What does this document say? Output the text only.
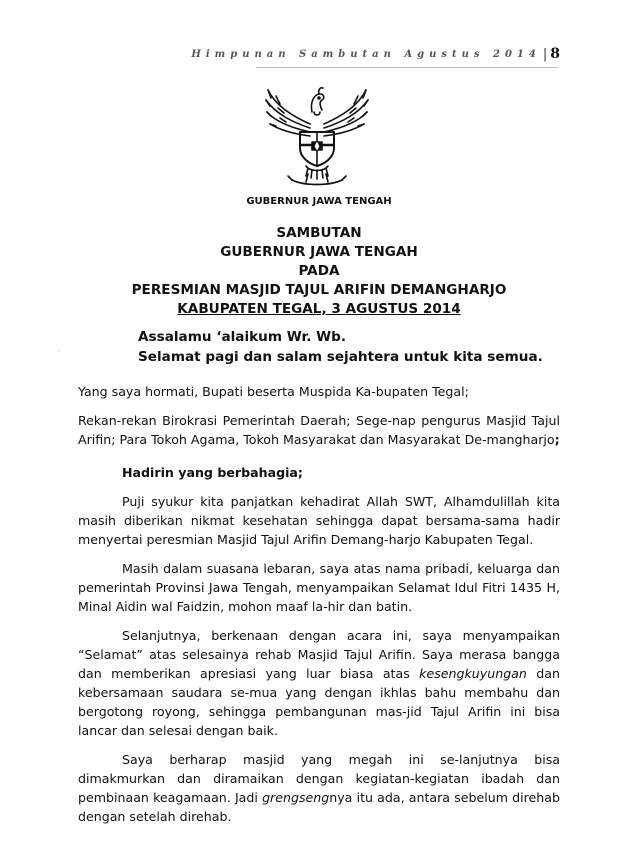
Himpunan Sambutan Agustus 2014 | 8
GUBERNUR JAWA TENGAH
SAMBUTAN
GUBERNUR JAWA TENGAH
PADA
PERESMIAN MASJID TAJUL ARIFIN DEMANGHARJO
KABUPATEN TEGAL, 3 AGUSTUS 2014
.
Assalamu ‘alaikum Wr. Wb.
Selamat pagi dan salam sejahtera untuk kita semua.

Yang saya hormati, Bupati beserta Muspida Ka-bupaten Tegal;

Rekan-rekan Birokrasi Pemerintah Daerah; Sege-nap pengurus Masjid Tajul Arifin; Para Tokoh Agama, Tokoh Masyarakat dan Masyarakat De-mangharjo;

Hadirin yang berbahagia;

Puji syukur kita panjatkan kehadirat Allah SWT, Alhamdulillah kita masih diberikan nikmat kesehatan sehingga dapat bersama-sama hadir menyertai peresmian Masjid Tajul Arifin Demang-harjo Kabupaten Tegal.

Masih dalam suasana lebaran, saya atas nama pribadi, keluarga dan pemerintah Provinsi Jawa Tengah, menyampaikan Selamat Idul Fitri 1435 H, Minal Aidin wal Faidzin, mohon maaf la-hir dan batin.

Selanjutnya, berkenaan dengan acara ini, saya menyampaikan “Selamat” atas selesainya rehab Masjid Tajul Arifin. Saya merasa bangga dan memberikan apresiasi yang luar biasa atas kesengkuyungan dan kebersamaan saudara se-mua yang dengan ikhlas bahu membahu dan bergotong royong, sehingga pembangunan mas-jid Tajul Arifin ini bisa lancar dan selesai dengan baik.

Saya berharap masjid yang megah ini se-lanjutnya bisa dimakmurkan dan diramaikan dengan kegiatan-kegiatan ibadah dan pembinaan keagamaan. Jadi grengsengnya itu ada, antara sebelum direhab dengan setelah direhab.
